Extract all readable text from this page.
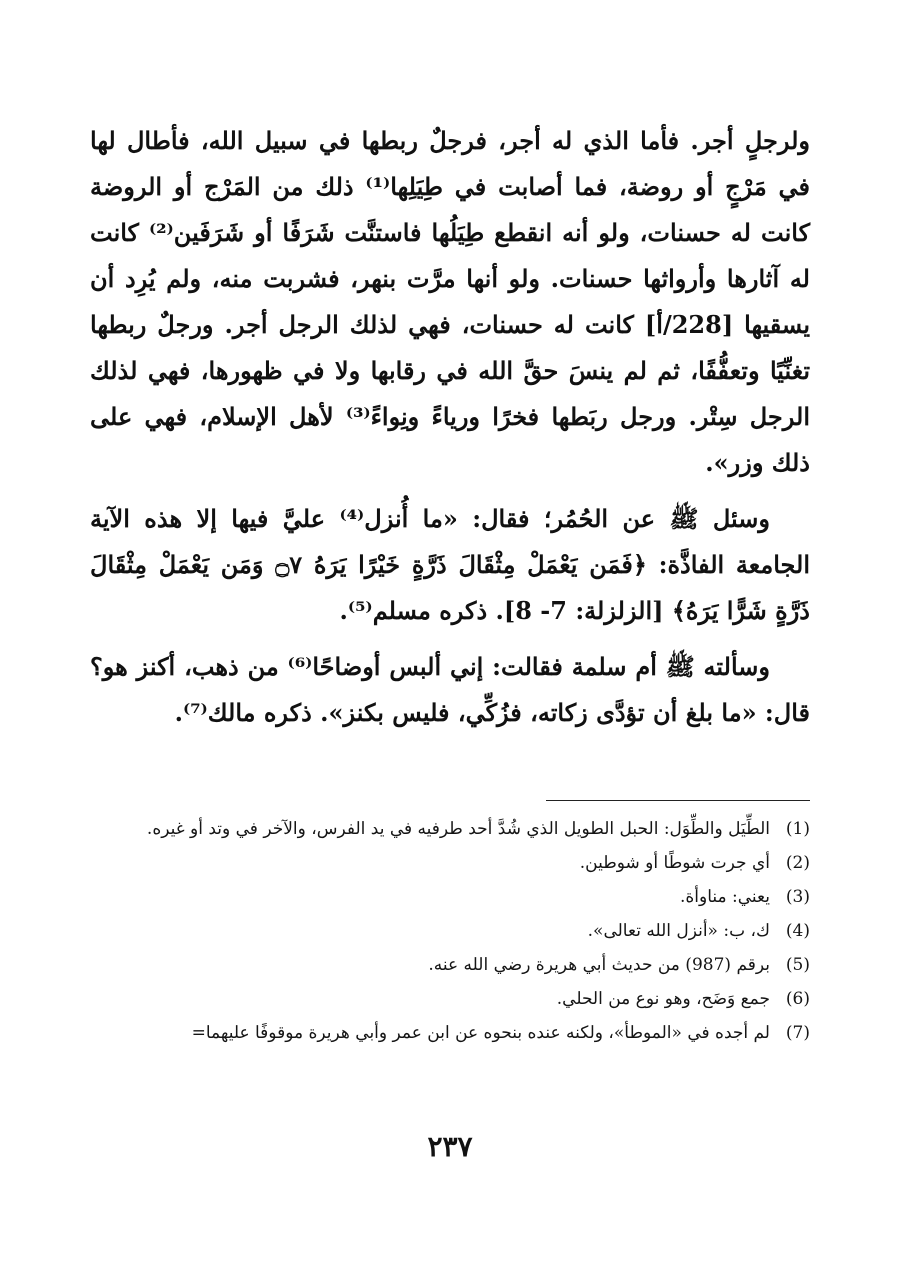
ولرجلٍ أجر. فأما الذي له أجر، فرجلٌ ربطها في سبيل الله، فأطال لها في مَرْجٍ أو روضة، فما أصابت في طِيَلِها⁽¹⁾ ذلك من المَرْج أو الروضة كانت له حسنات، ولو أنه انقطع طِيَلُها فاستنَّت شَرَفًا أو شَرَفَين⁽²⁾ كانت له آثارها وأرواثها حسنات. ولو أنها مرَّت بنهر، فشربت منه، ولم يُرِد أن يسقيها [228/أ] كانت له حسنات، فهي لذلك الرجل أجر. ورجلٌ ربطها تغنِّيًا وتعفُّفًا، ثم لم ينسَ حقَّ الله في رقابها ولا في ظهورها، فهي لذلك الرجل سِتْر. ورجل ربَطها فخرًا ورياءً ونِواءً⁽³⁾ لأهل الإسلام، فهي على ذلك وزر».

وسئل ﷺ عن الحُمُر؛ فقال: «ما أُنزل⁽⁴⁾ عليَّ فيها إلا هذه الآية الجامعة الفاذَّة: ﴿فَمَن يَعْمَلْ مِثْقَالَ ذَرَّةٍ خَيْرًا يَرَهُ ۝٧ وَمَن يَعْمَلْ مِثْقَالَ ذَرَّةٍ شَرًّا يَرَهُ﴾ [الزلزلة: 7- 8]. ذكره مسلم⁽⁵⁾.

وسألته ﷺ أم سلمة فقالت: إني ألبس أوضاحًا⁽⁶⁾ من ذهب، أكنز هو؟ قال: «ما بلغ أن تؤدَّى زكاته، فزُكِّي، فليس بكنز». ذكره مالك⁽⁷⁾.

(1)
الطِّيَل والطِّوَل: الحبل الطويل الذي شُدَّ أحد طرفيه في يد الفرس، والآخر في وتد أو غيره.
(2)
أي جرت شوطًا أو شوطين.
(3)
يعني: مناوأة.
(4)
ك، ب: «أنزل الله تعالى».
(5)
برقم (987) من حديث أبي هريرة رضي الله عنه.
(6)
جمع وَضَح، وهو نوع من الحلي.
(7)
لم أجده في «الموطأ»، ولكنه عنده بنحوه عن ابن عمر وأبي هريرة موقوفًا عليهما=
٢٣٧
